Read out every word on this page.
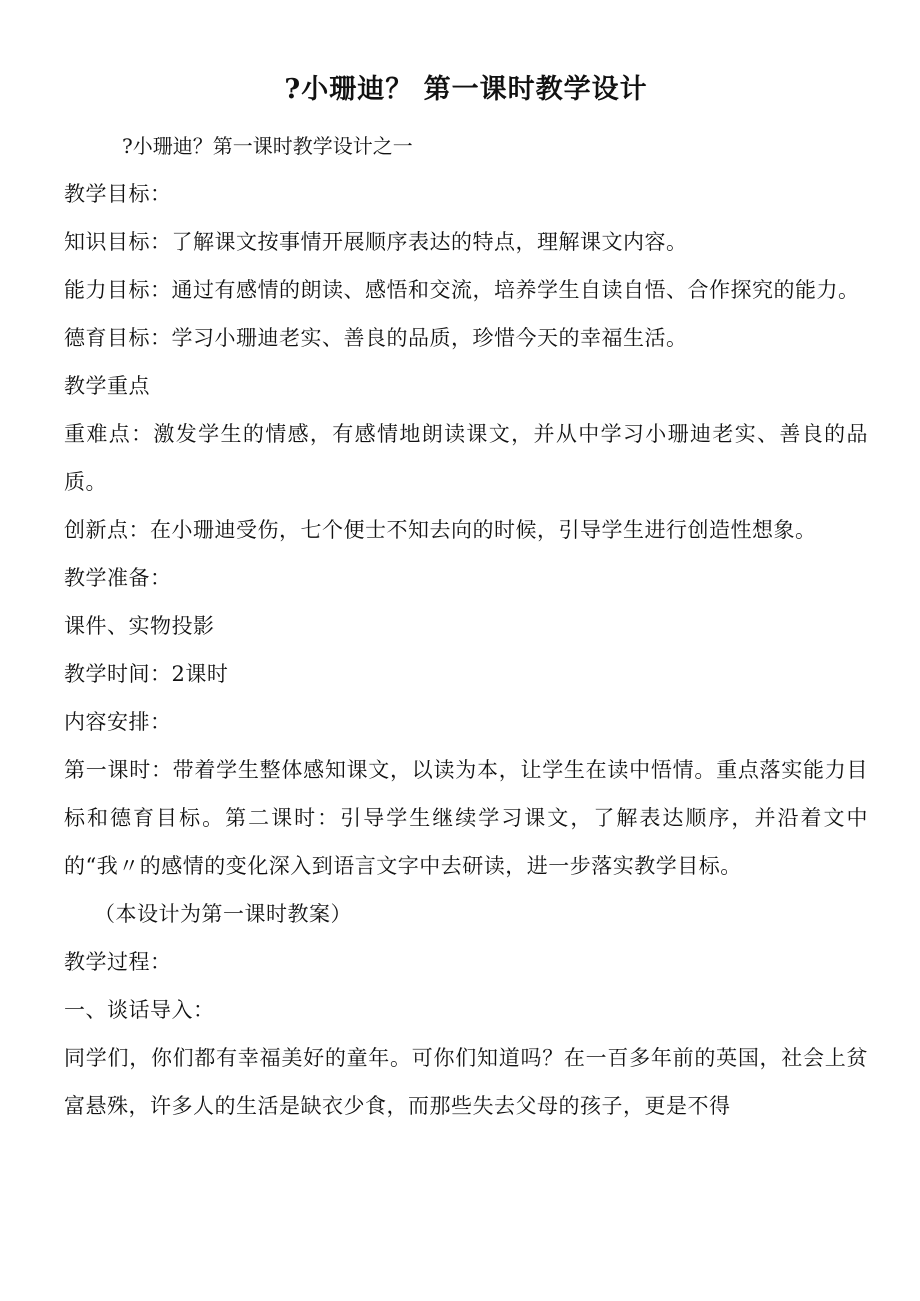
?小珊迪？ 第一课时教学设计
?小珊迪？第一课时教学设计之一
教学目标：
知识目标：了解课文按事情开展顺序表达的特点，理解课文内容。
能力目标：通过有感情的朗读、感悟和交流，培养学生自读自悟、合作探究的能力。
德育目标：学习小珊迪老实、善良的品质，珍惜今天的幸福生活。
教学重点
重难点：激发学生的情感，有感情地朗读课文，并从中学习小珊迪老实、善良的品质。
创新点：在小珊迪受伤，七个便士不知去向的时候，引导学生进行创造性想象。
教学准备：
课件、实物投影
教学时间：2课时
内容安排：
第一课时：带着学生整体感知课文，以读为本，让学生在读中悟情。重点落实能力目标和德育目标。第二课时：引导学生继续学习课文，了解表达顺序，并沿着文中的“我〃的感情的变化深入到语言文字中去研读，进一步落实教学目标。
（本设计为第一课时教案）
教学过程：
一、谈话导入：
同学们，你们都有幸福美好的童年。可你们知道吗？在一百多年前的英国，社会上贫富悬殊，许多人的生活是缺衣少食，而那些失去父母的孩子，更是不得
